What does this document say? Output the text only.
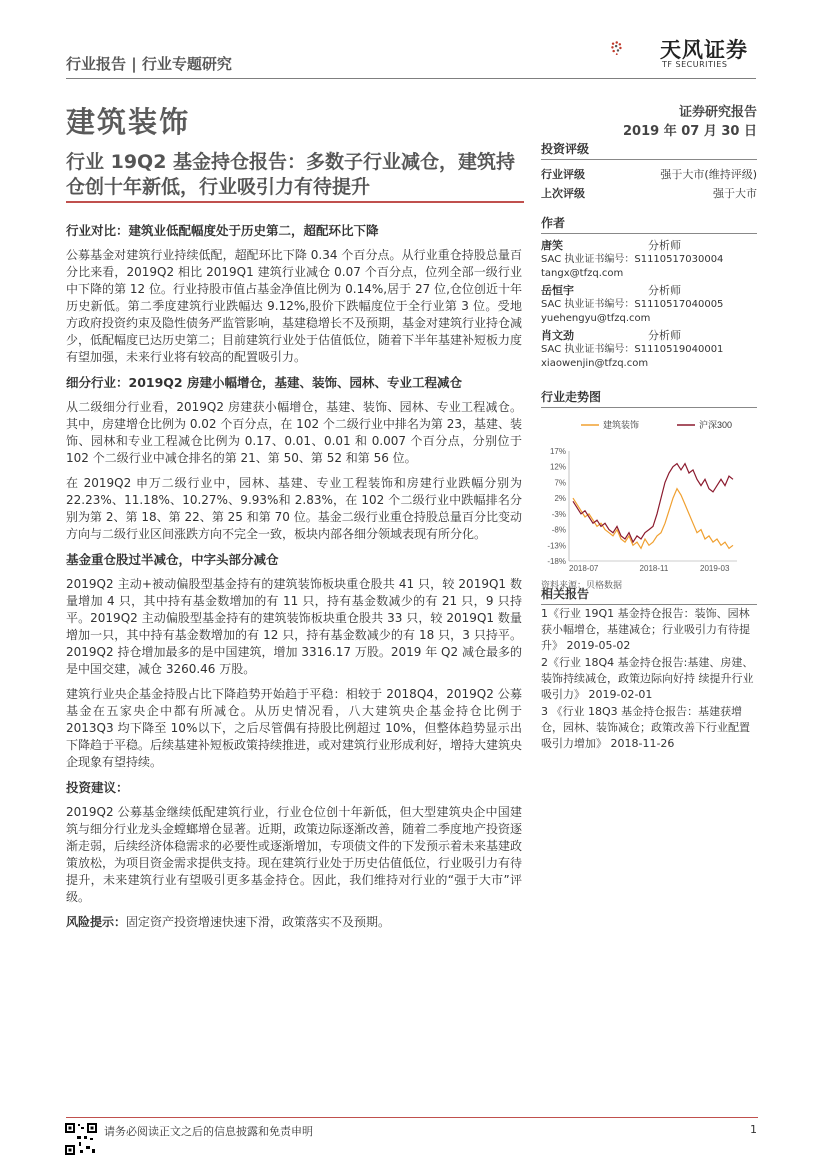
行业报告 | 行业专题研究
天风证券
TF SECURITIES
建筑装饰	证券研究报告
2019 年 07 月 30 日
行业 19Q2 基金持仓报告：多数子行业减仓，建筑持仓创十年新低，行业吸引力有待提升
行业对比：建筑业低配幅度处于历史第二，超配环比下降

公募基金对建筑行业持续低配，超配环比下降 0.34 个百分点。从行业重仓持股总量百分比来看，2019Q2 相比 2019Q1 建筑行业减仓 0.07 个百分点，位列全部一级行业中下降的第 12 位。行业持股市值占基金净值比例为 0.14%,居于 27 位,仓位创近十年历史新低。第二季度建筑行业跌幅达 9.12%,股价下跌幅度位于全行业第 3 位。受地方政府投资约束及隐性债务严监管影响，基建稳增长不及预期，基金对建筑行业持仓减少，低配幅度已达历史第二；目前建筑行业处于估值低位，随着下半年基建补短板力度有望加强，未来行业将有较高的配置吸引力。

细分行业：2019Q2 房建小幅增仓，基建、装饰、园林、专业工程减仓

从二级细分行业看，2019Q2 房建获小幅增仓，基建、装饰、园林、专业工程减仓。其中，房建增仓比例为 0.02 个百分点，在 102 个二级行业中排名为第 23，基建、装饰、园林和专业工程减仓比例为 0.17、0.01、0.01 和 0.007 个百分点，分别位于 102 个二级行业中减仓排名的第 21、第 50、第 52 和第 56 位。

在 2019Q2 申万二级行业中，园林、基建、专业工程装饰和房建行业跌幅分别为 22.23%、11.18%、10.27%、9.93%和 2.83%，在 102 个二级行业中跌幅排名分别为第 2、第 18、第 22、第 25 和第 70 位。基金二级行业重仓持股总量百分比变动方向与二级行业区间涨跌方向不完全一致，板块内部各细分领域表现有所分化。

基金重仓股过半减仓，中字头部分减仓

2019Q2 主动+被动偏股型基金持有的建筑装饰板块重仓股共 41 只，较 2019Q1 数量增加 4 只，其中持有基金数增加的有 11 只，持有基金数减少的有 21 只，9 只持平。2019Q2 主动偏股型基金持有的建筑装饰板块重仓股共 33 只，较 2019Q1 数量增加一只，其中持有基金数增加的有 12 只，持有基金数减少的有 18 只，3 只持平。2019Q2 持仓增加最多的是中国建筑，增加 3316.17 万股。2019 年 Q2 减仓最多的是中国交建，减仓 3260.46 万股。

建筑行业央企基金持股占比下降趋势开始趋于平稳：相较于 2018Q4，2019Q2 公募基金在五家央企中都有所减仓。从历史情况看，八大建筑央企基金持仓比例于 2013Q3 均下降至 10%以下，之后尽管偶有持股比例超过 10%，但整体趋势显示出下降趋于平稳。后续基建补短板政策持续推进，或对建筑行业形成利好，增持大建筑央企现象有望持续。

投资建议：

2019Q2 公募基金继续低配建筑行业，行业仓位创十年新低，但大型建筑央企中国建筑与细分行业龙头金螳螂增仓显著。近期，政策边际逐渐改善，随着二季度地产投资逐渐走弱，后续经济体稳需求的必要性或逐渐增加，专项债文件的下发预示着未来基建政策放松，为项目资金需求提供支持。现在建筑行业处于历史估值低位，行业吸引力有待提升，未来建筑行业有望吸引更多基金持仓。因此，我们维持对行业的“强于大市”评级。

风险提示：固定资产投资增速快速下滑，政策落实不及预期。

投资评级
行业评级	强于大市(维持评级)
上次评级	强于大市
作者
唐笑	分析师
SAC 执业证书编号：S1110517030004
tangx@tfzq.com
岳恒宇	分析师
SAC 执业证书编号：S1110517040005
yuehengyu@tfzq.com
肖文劲	分析师
SAC 执业证书编号：S1110519040001
xiaowenjin@tfzq.com
行业走势图
建筑装饰	沪深300
17%
12%
7%
2%
-3%
-8%
-13%
-18%
2018-07	2018-11	2019-03
资料来源：贝格数据
相关报告
1《行业 19Q1 基金持仓报告：装饰、园林获小幅增仓，基建减仓；行业吸引力有待提升》 2019-05-02
2《行业 18Q4 基金持仓报告:基建、房建、装饰持续减仓，政策边际向好持 续提升行业吸引力》 2019-02-01
3 《行业 18Q3 基金持仓报告：基建获增仓，园林、装饰减仓；政策改善下行业配置吸引力增加》 2018-11-26
请务必阅读正文之后的信息披露和免责申明	1
